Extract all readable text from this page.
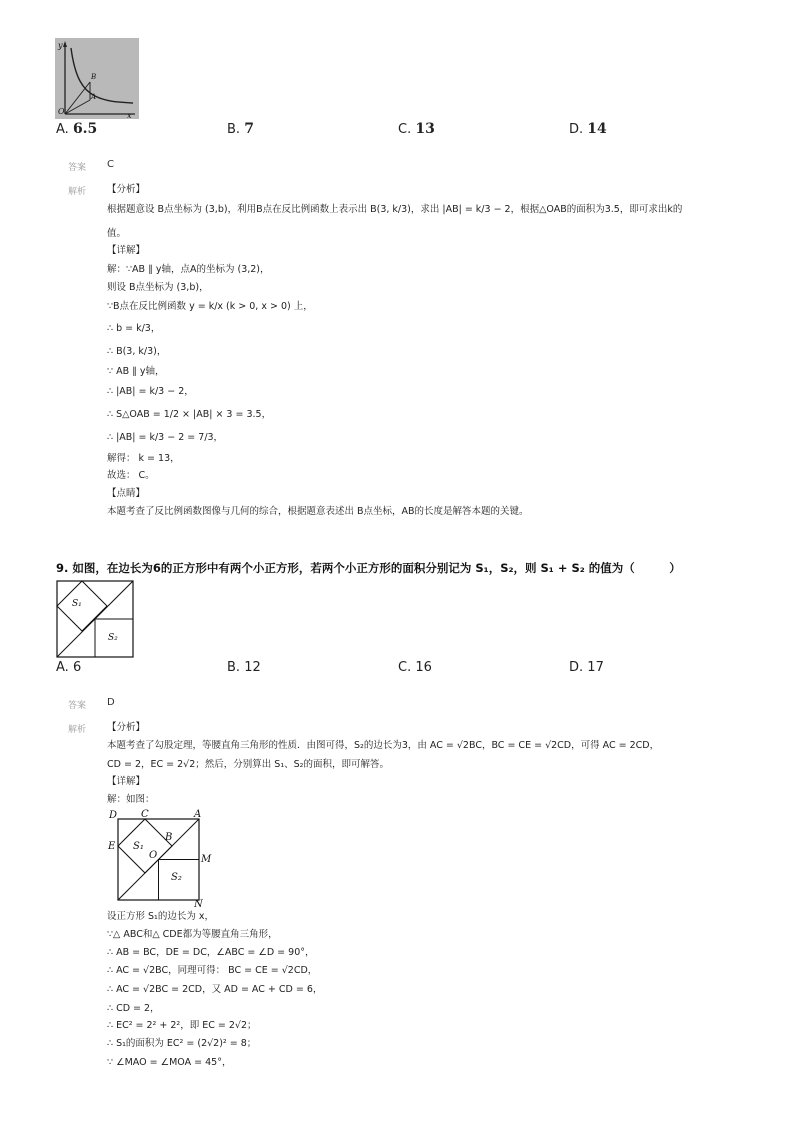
y
x
O
A
B
A. 6.5	B. 7	C. 13	D. 14
答案 C
解析 【分析】
根据题意设 B点坐标为 (3,b)，利用B点在反比例函数上表示出 B(3, k/3)，求出 |AB| = k/3 − 2，根据△OAB的面积为3.5，即可求出k的
值。
【详解】
解：∵AB ∥ y轴，点A的坐标为 (3,2)，
则设 B点坐标为 (3,b)，
∵B点在反比例函数 y = k/x (k > 0, x > 0) 上，
∴ b = k/3，
∴ B(3, k/3)，
∵ AB ∥ y轴，
∴ |AB| = k/3 − 2，
∴ S△OAB = 1/2 × |AB| × 3 = 3.5，
∴ |AB| = k/3 − 2 = 7/3，
解得： k = 13，
故选： C。
【点睛】
本题考查了反比例函数图像与几何的综合，根据题意表述出 B点坐标，AB的长度是解答本题的关键。
9. 如图，在边长为6的正方形中有两个小正方形，若两个小正方形的面积分别记为 S₁，S₂，则 S₁ + S₂ 的值为（　　　）
S₁
S₂
A. 6	B. 12	C. 16	D. 17
答案 D
解析 【分析】
本题考查了勾股定理，等腰直角三角形的性质．由图可得，S₂的边长为3，由 AC = √2BC，BC = CE = √2CD，可得 AC = 2CD，
CD = 2，EC = 2√2；然后，分别算出 S₁、S₂的面积，即可解答。
【详解】
解：如图：
D C	A
B
E S₁
O	M
S₂
N
设正方形 S₁的边长为 x，
∵△ ABC和△ CDE都为等腰直角三角形，
∴ AB = BC，DE = DC，∠ABC = ∠D = 90°，
∴ AC = √2BC，同理可得： BC = CE = √2CD，
∴ AC = √2BC = 2CD，又 AD = AC + CD = 6，
∴ CD = 2，
∴ EC² = 2² + 2²，即 EC = 2√2；
∴ S₁的面积为 EC² = (2√2)² = 8；
∵ ∠MAO = ∠MOA = 45°，
